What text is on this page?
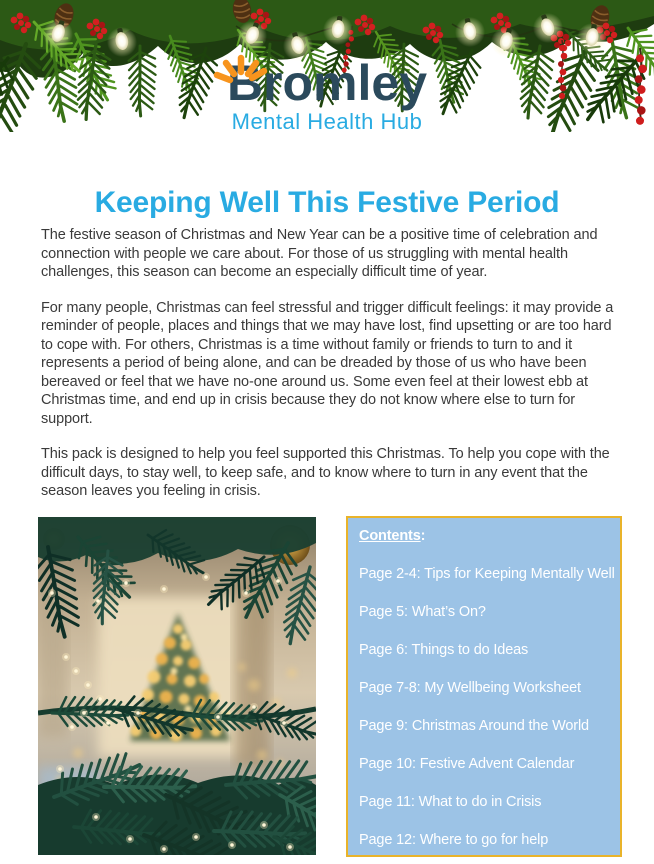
Bromley
Mental Health Hub
Keeping Well This Festive Period

The festive season of Christmas and New Year can be a positive time of celebration and connection with people we care about. For those of us struggling with mental health challenges, this season can become an especially difficult time of year.

For many people, Christmas can feel stressful and trigger difficult feelings: it may provide a reminder of people, places and things that we may have lost, find upsetting or are too hard to cope with. For others, Christmas is a time without family or friends to turn to and it represents a period of being alone, and can be dreaded by those of us who have been bereaved or feel that we have no-one around us. Some even feel at their lowest ebb at Christmas time, and end up in crisis because they do not know where else to turn for support.

This pack is designed to help you feel supported this Christmas. To help you cope with the difficult days, to stay well, to keep safe, and to know where to turn in any event that the season leaves you feeling in crisis.

Contents:

Page 2-4: Tips for Keeping Mentally Well

Page 5: What’s On?

Page 6: Things to do Ideas

Page 7-8: My Wellbeing Worksheet

Page 9: Christmas Around the World

Page 10: Festive Advent Calendar

Page 11: What to do in Crisis

Page 12: Where to go for help
